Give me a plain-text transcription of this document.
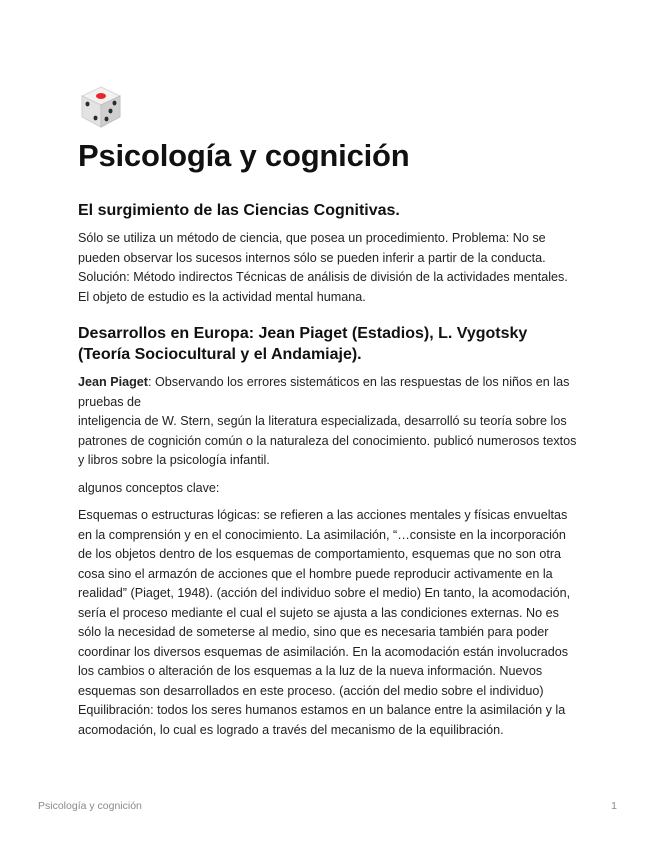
Psicología y cognición
El surgimiento de las Ciencias Cognitivas.

Sólo se utiliza un método de ciencia, que posea un procedimiento. Problema: No se pueden observar los sucesos internos sólo se pueden inferir a partir de la conducta. Solución: Método indirectos Técnicas de análisis de división de la actividades mentales. El objeto de estudio es la actividad mental humana.

Desarrollos en Europa: Jean Piaget (Estadios), L. Vygotsky (Teoría Sociocultural y el Andamiaje).

Jean Piaget: Observando los errores sistemáticos en las respuestas de los niños en las pruebas de

inteligencia de W. Stern, según la literatura especializada, desarrolló su teoría sobre los patrones de cognición común o la naturaleza del conocimiento. publicó numerosos textos y libros sobre la psicología infantil.

algunos conceptos clave:

Esquemas o estructuras lógicas: se refieren a las acciones mentales y físicas envueltas en la comprensión y en el conocimiento. La asimilación, “…consiste en la incorporación de los objetos dentro de los esquemas de comportamiento, esquemas que no son otra cosa sino el armazón de acciones que el hombre puede reproducir activamente en la realidad” (Piaget, 1948). (acción del individuo sobre el medio) En tanto, la acomodación, sería el proceso mediante el cual el sujeto se ajusta a las condiciones externas. No es sólo la necesidad de someterse al medio, sino que es necesaria también para poder coordinar los diversos esquemas de asimilación. En la acomodación están involucrados los cambios o alteración de los esquemas a la luz de la nueva información. Nuevos esquemas son desarrollados en este proceso. (acción del medio sobre el individuo)

Equilibración: todos los seres humanos estamos en un balance entre la asimilación y la acomodación, lo cual es logrado a través del mecanismo de la equilibración.

Psicología y cognición	1
